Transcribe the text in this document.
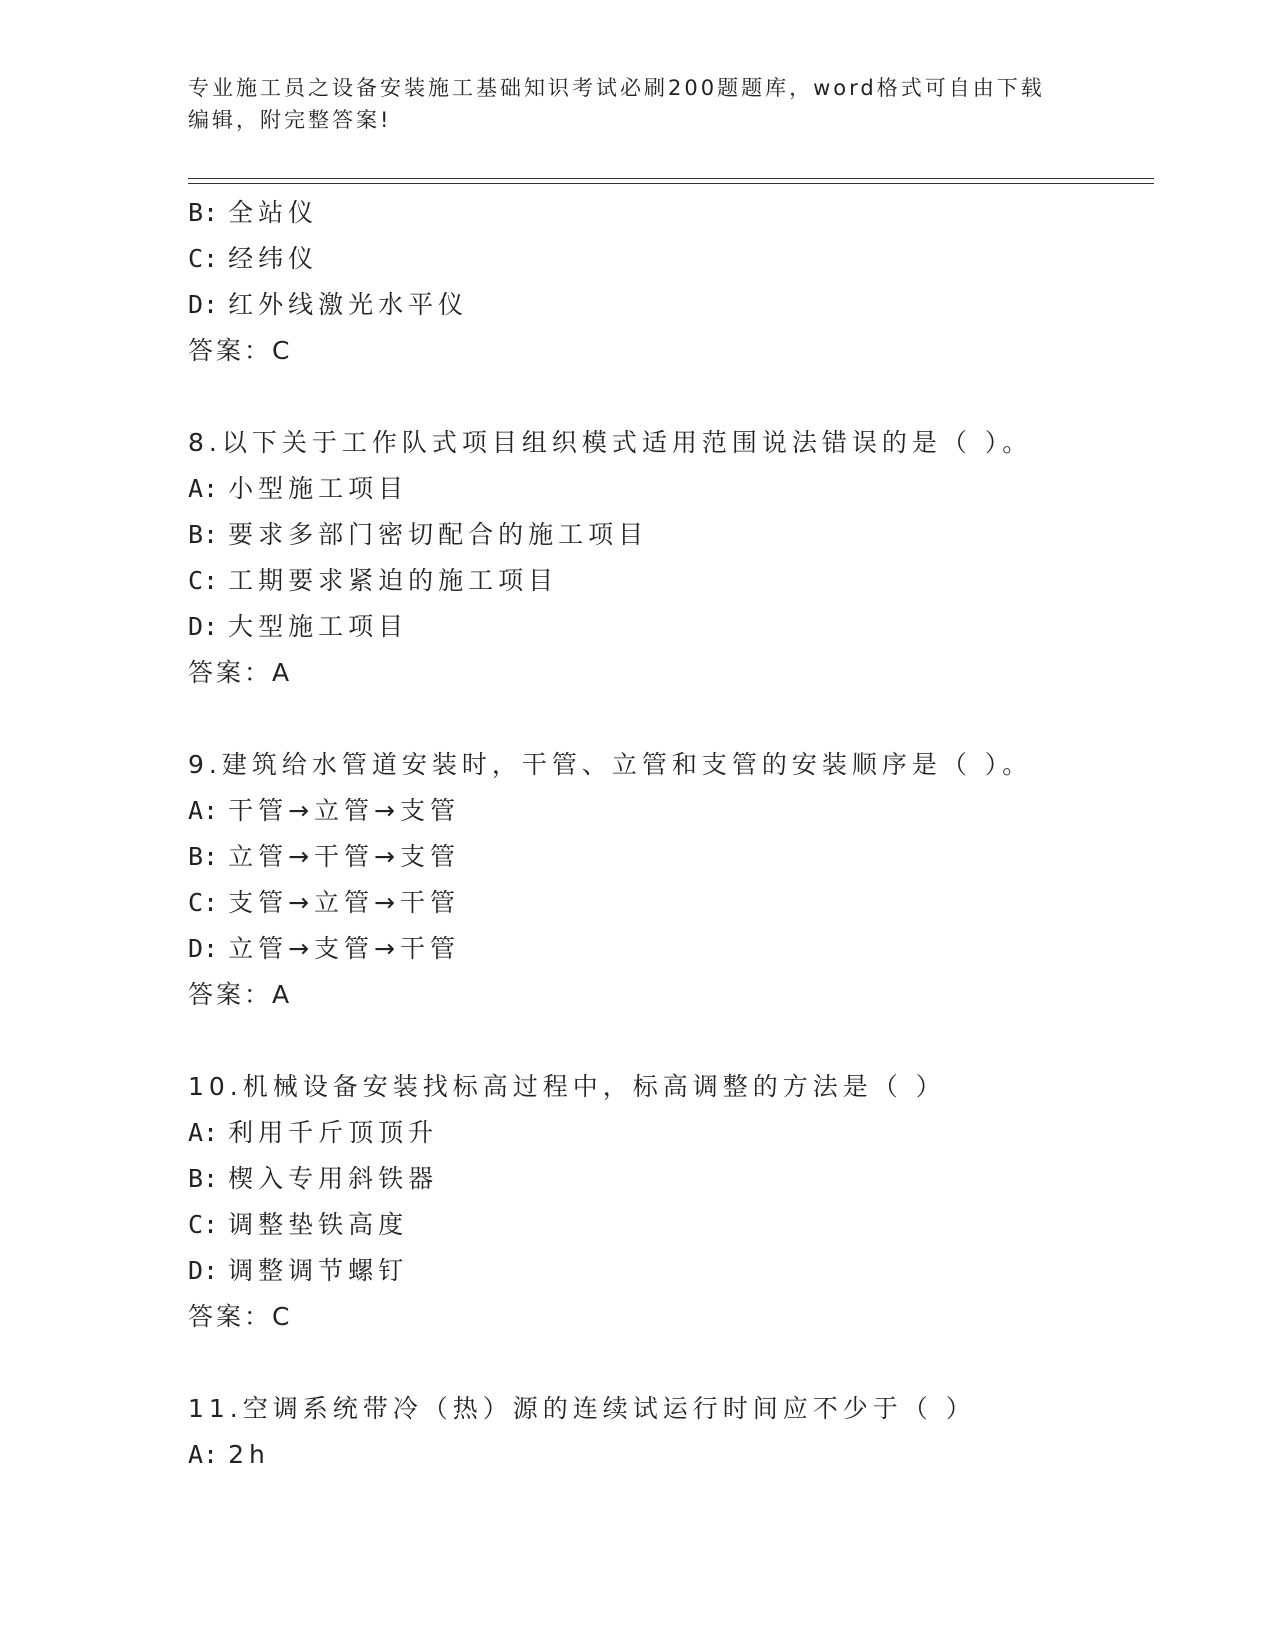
专业施工员之设备安装施工基础知识考试必刷200题题库，word格式可自由下载
编辑，附完整答案!
B: 全站仪
C: 经纬仪
D: 红外线激光水平仪
答案：C
8.以下关于工作队式项目组织模式适用范围说法错误的是（ ）。
A: 小型施工项目
B: 要求多部门密切配合的施工项目
C: 工期要求紧迫的施工项目
D: 大型施工项目
答案：A
9.建筑给水管道安装时，干管、立管和支管的安装顺序是（ ）。
A: 干管→立管→支管
B: 立管→干管→支管
C: 支管→立管→干管
D: 立管→支管→干管
答案：A
10.机械设备安装找标高过程中，标高调整的方法是（ ）
A: 利用千斤顶顶升
B: 楔入专用斜铁器
C: 调整垫铁高度
D: 调整调节螺钉
答案：C
11.空调系统带冷（热）源的连续试运行时间应不少于（ ）
A: 2h
